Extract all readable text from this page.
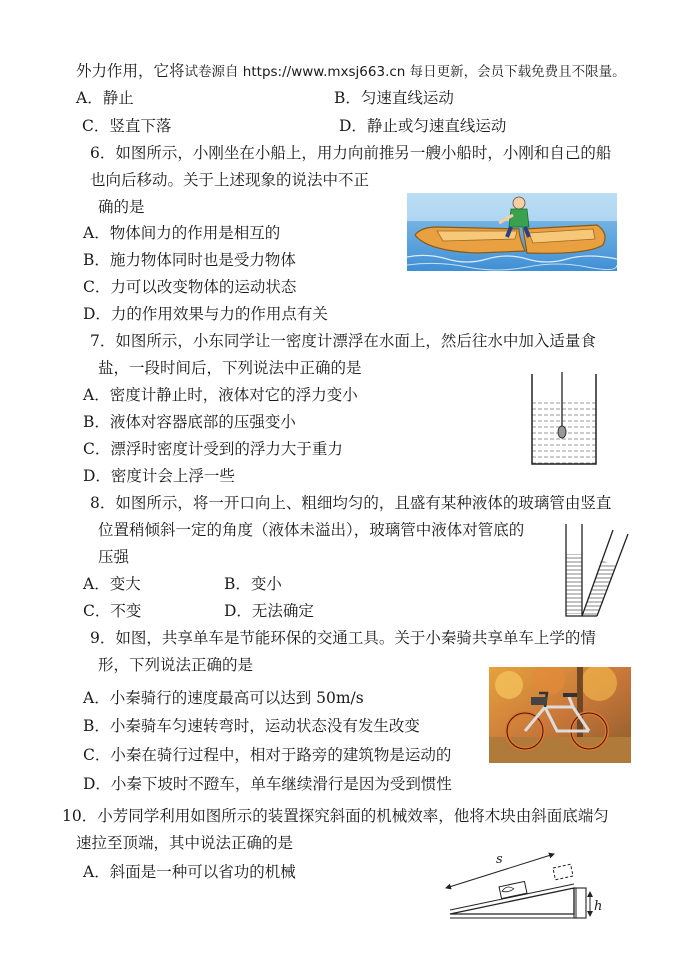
外力作用，它将试卷源自 https://www.mxsj663.cn 每日更新，会员下载免费且不限量。
A．静止	B．匀速直线运动
C．竖直下落	D．静止或匀速直线运动
6．如图所示，小刚坐在小船上，用力向前推另一艘小船时，小刚和自己的船
也向后移动。关于上述现象的说法中不正
确的是
A．物体间力的作用是相互的
B．施力物体同时也是受力物体
C．力可以改变物体的运动状态
D．力的作用效果与力的作用点有关
7．如图所示，小东同学让一密度计漂浮在水面上，然后往水中加入适量食
盐，一段时间后，下列说法中正确的是
A．密度计静止时，液体对它的浮力变小
B．液体对容器底部的压强变小
C．漂浮时密度计受到的浮力大于重力
D．密度计会上浮一些
8．如图所示，将一开口向上、粗细均匀的，且盛有某种液体的玻璃管由竖直
位置稍倾斜一定的角度（液体未溢出），玻璃管中液体对管底的
压强
A．变大	B．变小
C．不变	D．无法确定
9．如图，共享单车是节能环保的交通工具。关于小秦骑共享单车上学的情
形，下列说法正确的是
A．小秦骑行的速度最高可以达到 50m/s
B．小秦骑车匀速转弯时，运动状态没有发生改变
C．小秦在骑行过程中，相对于路旁的建筑物是运动的
D．小秦下坡时不蹬车，单车继续滑行是因为受到惯性
10．小芳同学利用如图所示的装置探究斜面的机械效率，他将木块由斜面底端匀
速拉至顶端，其中说法正确的是
A．斜面是一种可以省功的机械
s
h
